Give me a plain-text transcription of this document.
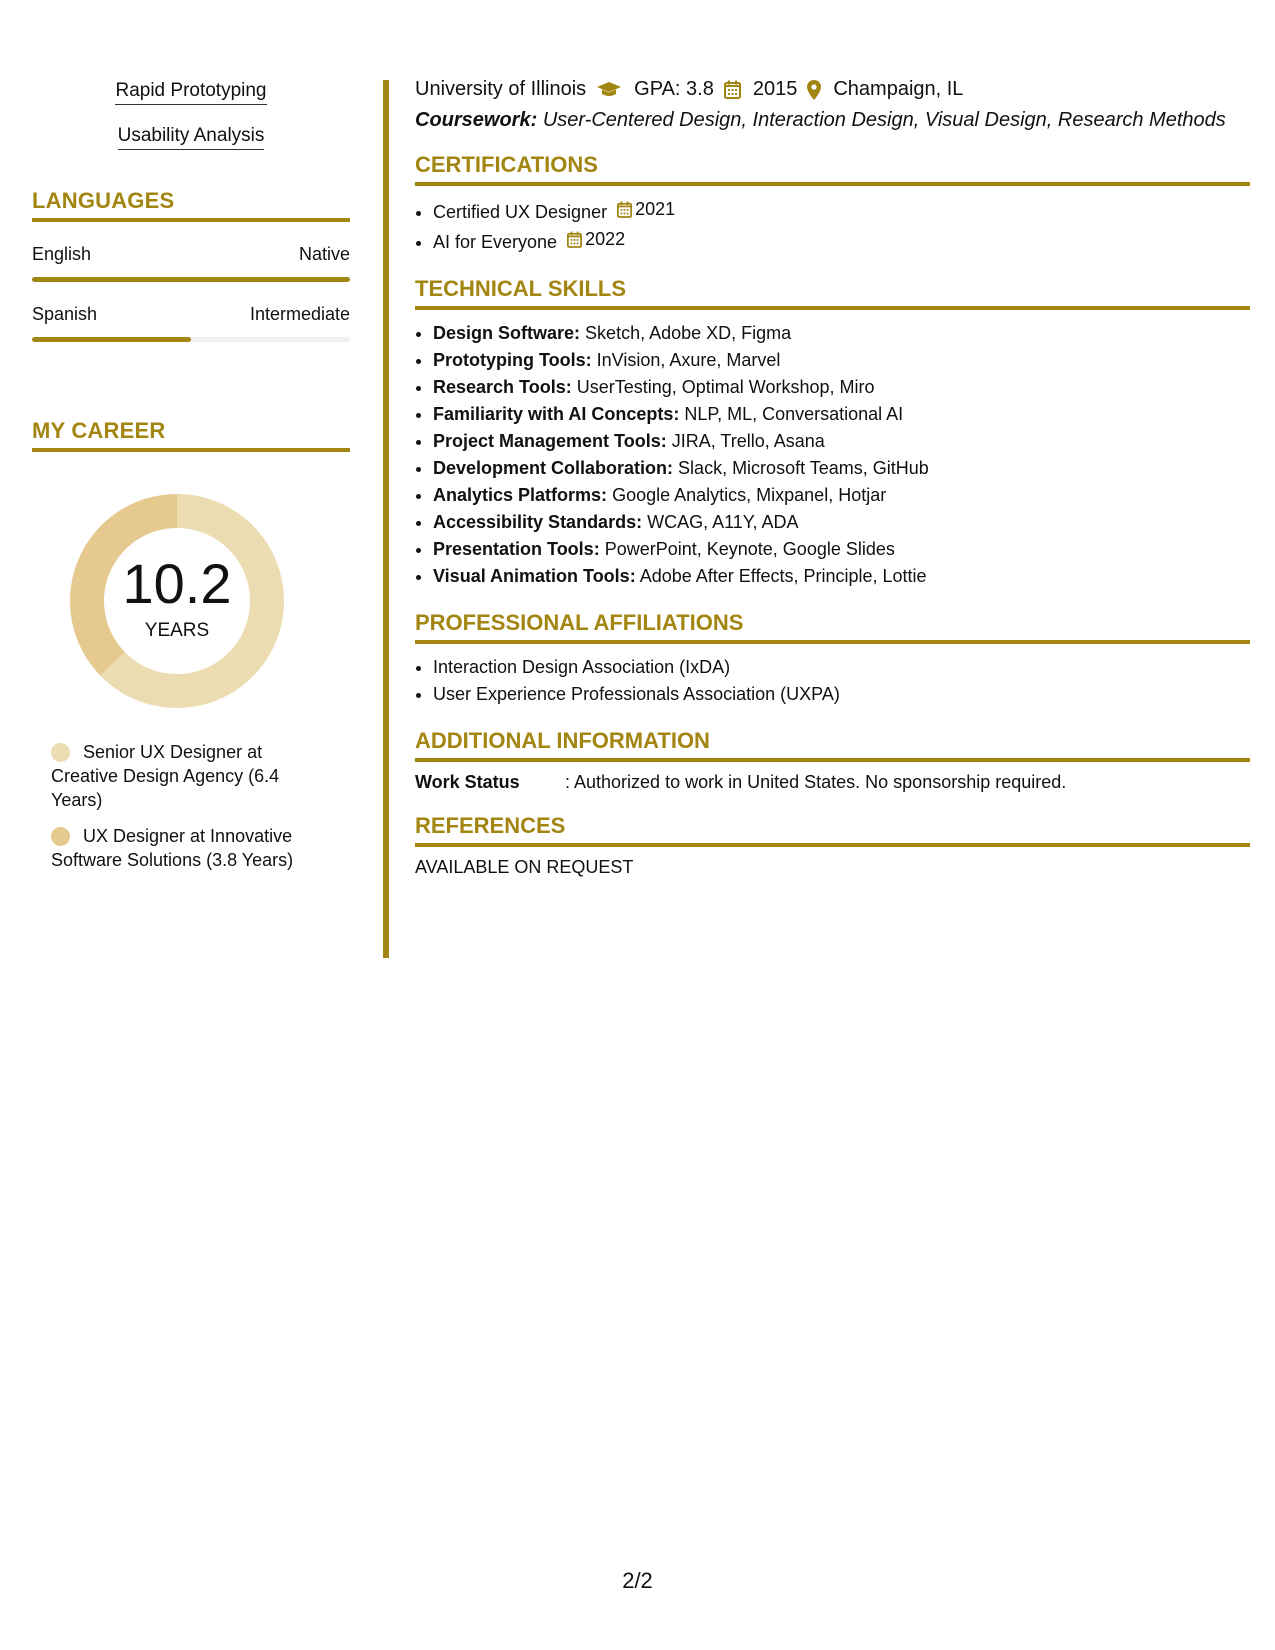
Rapid Prototyping
Usability Analysis
LANGUAGES
English	Native
Spanish	Intermediate
MY CAREER
10.2
YEARS
Senior UX Designer at Creative Design Agency (6.4 Years)
UX Designer at Innovative Software Solutions (3.8 Years)
University of Illinois GPA: 3.8 2015 Champaign, IL
Coursework: User-Centered Design, Interaction Design, Visual Design, Research Methods
CERTIFICATIONS
• Certified UX Designer 2021
• AI for Everyone 2022
TECHNICAL SKILLS
• Design Software: Sketch, Adobe XD, Figma
• Prototyping Tools: InVision, Axure, Marvel
• Research Tools: UserTesting, Optimal Workshop, Miro
• Familiarity with AI Concepts: NLP, ML, Conversational AI
• Project Management Tools: JIRA, Trello, Asana
• Development Collaboration: Slack, Microsoft Teams, GitHub
• Analytics Platforms: Google Analytics, Mixpanel, Hotjar
• Accessibility Standards: WCAG, A11Y, ADA
• Presentation Tools: PowerPoint, Keynote, Google Slides
• Visual Animation Tools: Adobe After Effects, Principle, Lottie
PROFESSIONAL AFFILIATIONS
• Interaction Design Association (IxDA)
• User Experience Professionals Association (UXPA)
ADDITIONAL INFORMATION
Work Status	: Authorized to work in United States. No sponsorship required.
REFERENCES
AVAILABLE ON REQUEST
2/2
